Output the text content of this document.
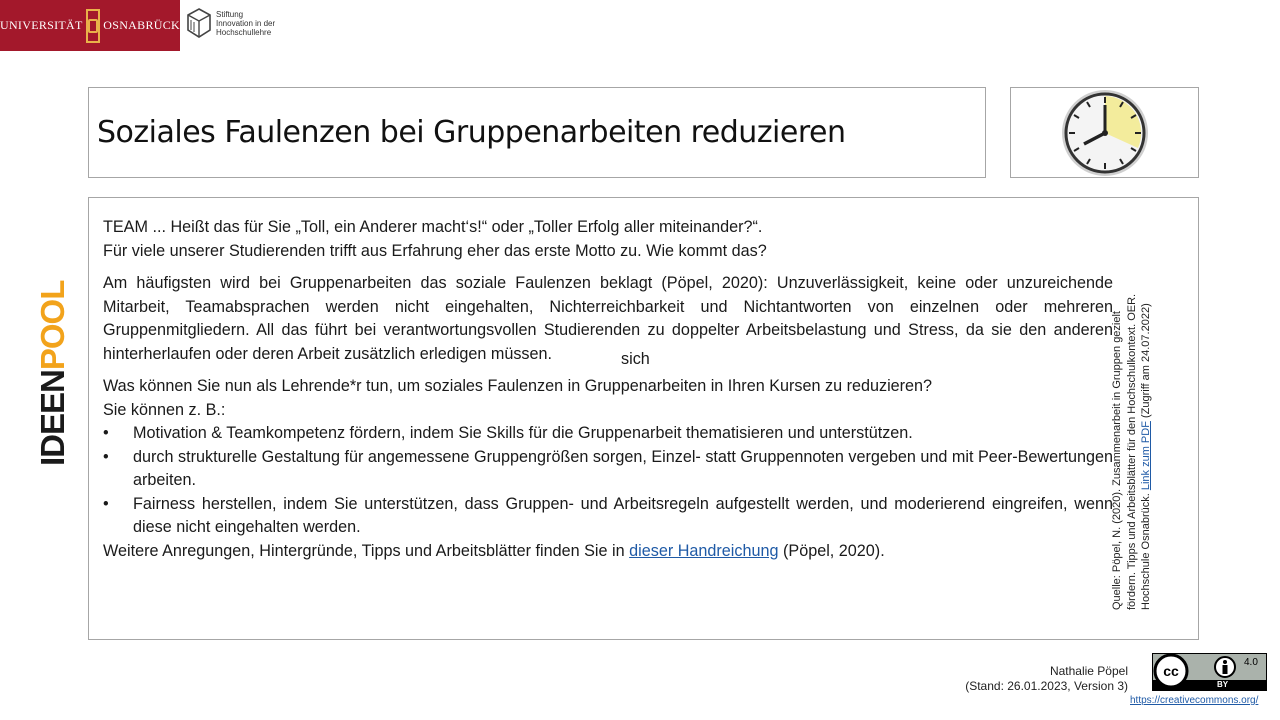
UNIVERSITÄT OSNABRÜCK
Stiftung
Innovation in der
Hochschullehre
Soziales Faulenzen bei Gruppenarbeiten reduzieren
IDEENPOOL

TEAM ... Heißt das für Sie „Toll, ein Anderer macht‘s!“ oder „Toller Erfolg aller miteinander?“.

Für viele unserer Studierenden trifft aus Erfahrung eher das erste Motto zu. Wie kommt das?

Am häufigsten wird bei Gruppenarbeiten das soziale Faulenzen beklagt (Pöpel, 2020): Unzuverlässigkeit, keine oder unzureichende Mitarbeit, Teamabsprachen werden nicht eingehalten, Nichterreichbarkeit und Nichtantworten von einzelnen oder mehreren Gruppenmitgliedern. All das führt bei verantwortungsvollen Studierenden zu doppelter Arbeitsbelastung und Stress, da sie den anderen hinterherlaufen oder deren Arbeit zusätzlich erledigen müssen.

Was können Sie nun als Lehrende*r tun, um soziales Faulenzen in Gruppenarbeiten in Ihren Kursen zu reduzieren?

Sie können z. B.:

• Motivation & Teamkompetenz fördern, indem Sie Skills für die Gruppenarbeit thematisieren und unterstützen.
• durch strukturelle Gestaltung für angemessene Gruppengrößen sorgen, Einzel- statt Gruppennoten vergeben und mit Peer-Bewertungen arbeiten.
• Fairness herstellen, indem Sie unterstützen, dass Gruppen- und Arbeitsregeln aufgestellt werden, und moderierend eingreifen, wenn diese nicht eingehalten werden.

Weitere Anregungen, Hintergründe, Tipps und Arbeitsblätter finden Sie in dieser Handreichung (Pöpel, 2020).

sich	Quelle: Pöpel, N. (2020). Zusammenarbeit in Gruppen gezielt fördern. Tipps und Arbeitsblätter für den Hochschulkontext. OER. Hochschule Osnabrück. Link zum PDF (Zugriff am 24.07.2022)
Nathalie Pöpel
(Stand: 26.01.2023, Version 3)
cc
4.0
BY
https://creativecommons.org/
